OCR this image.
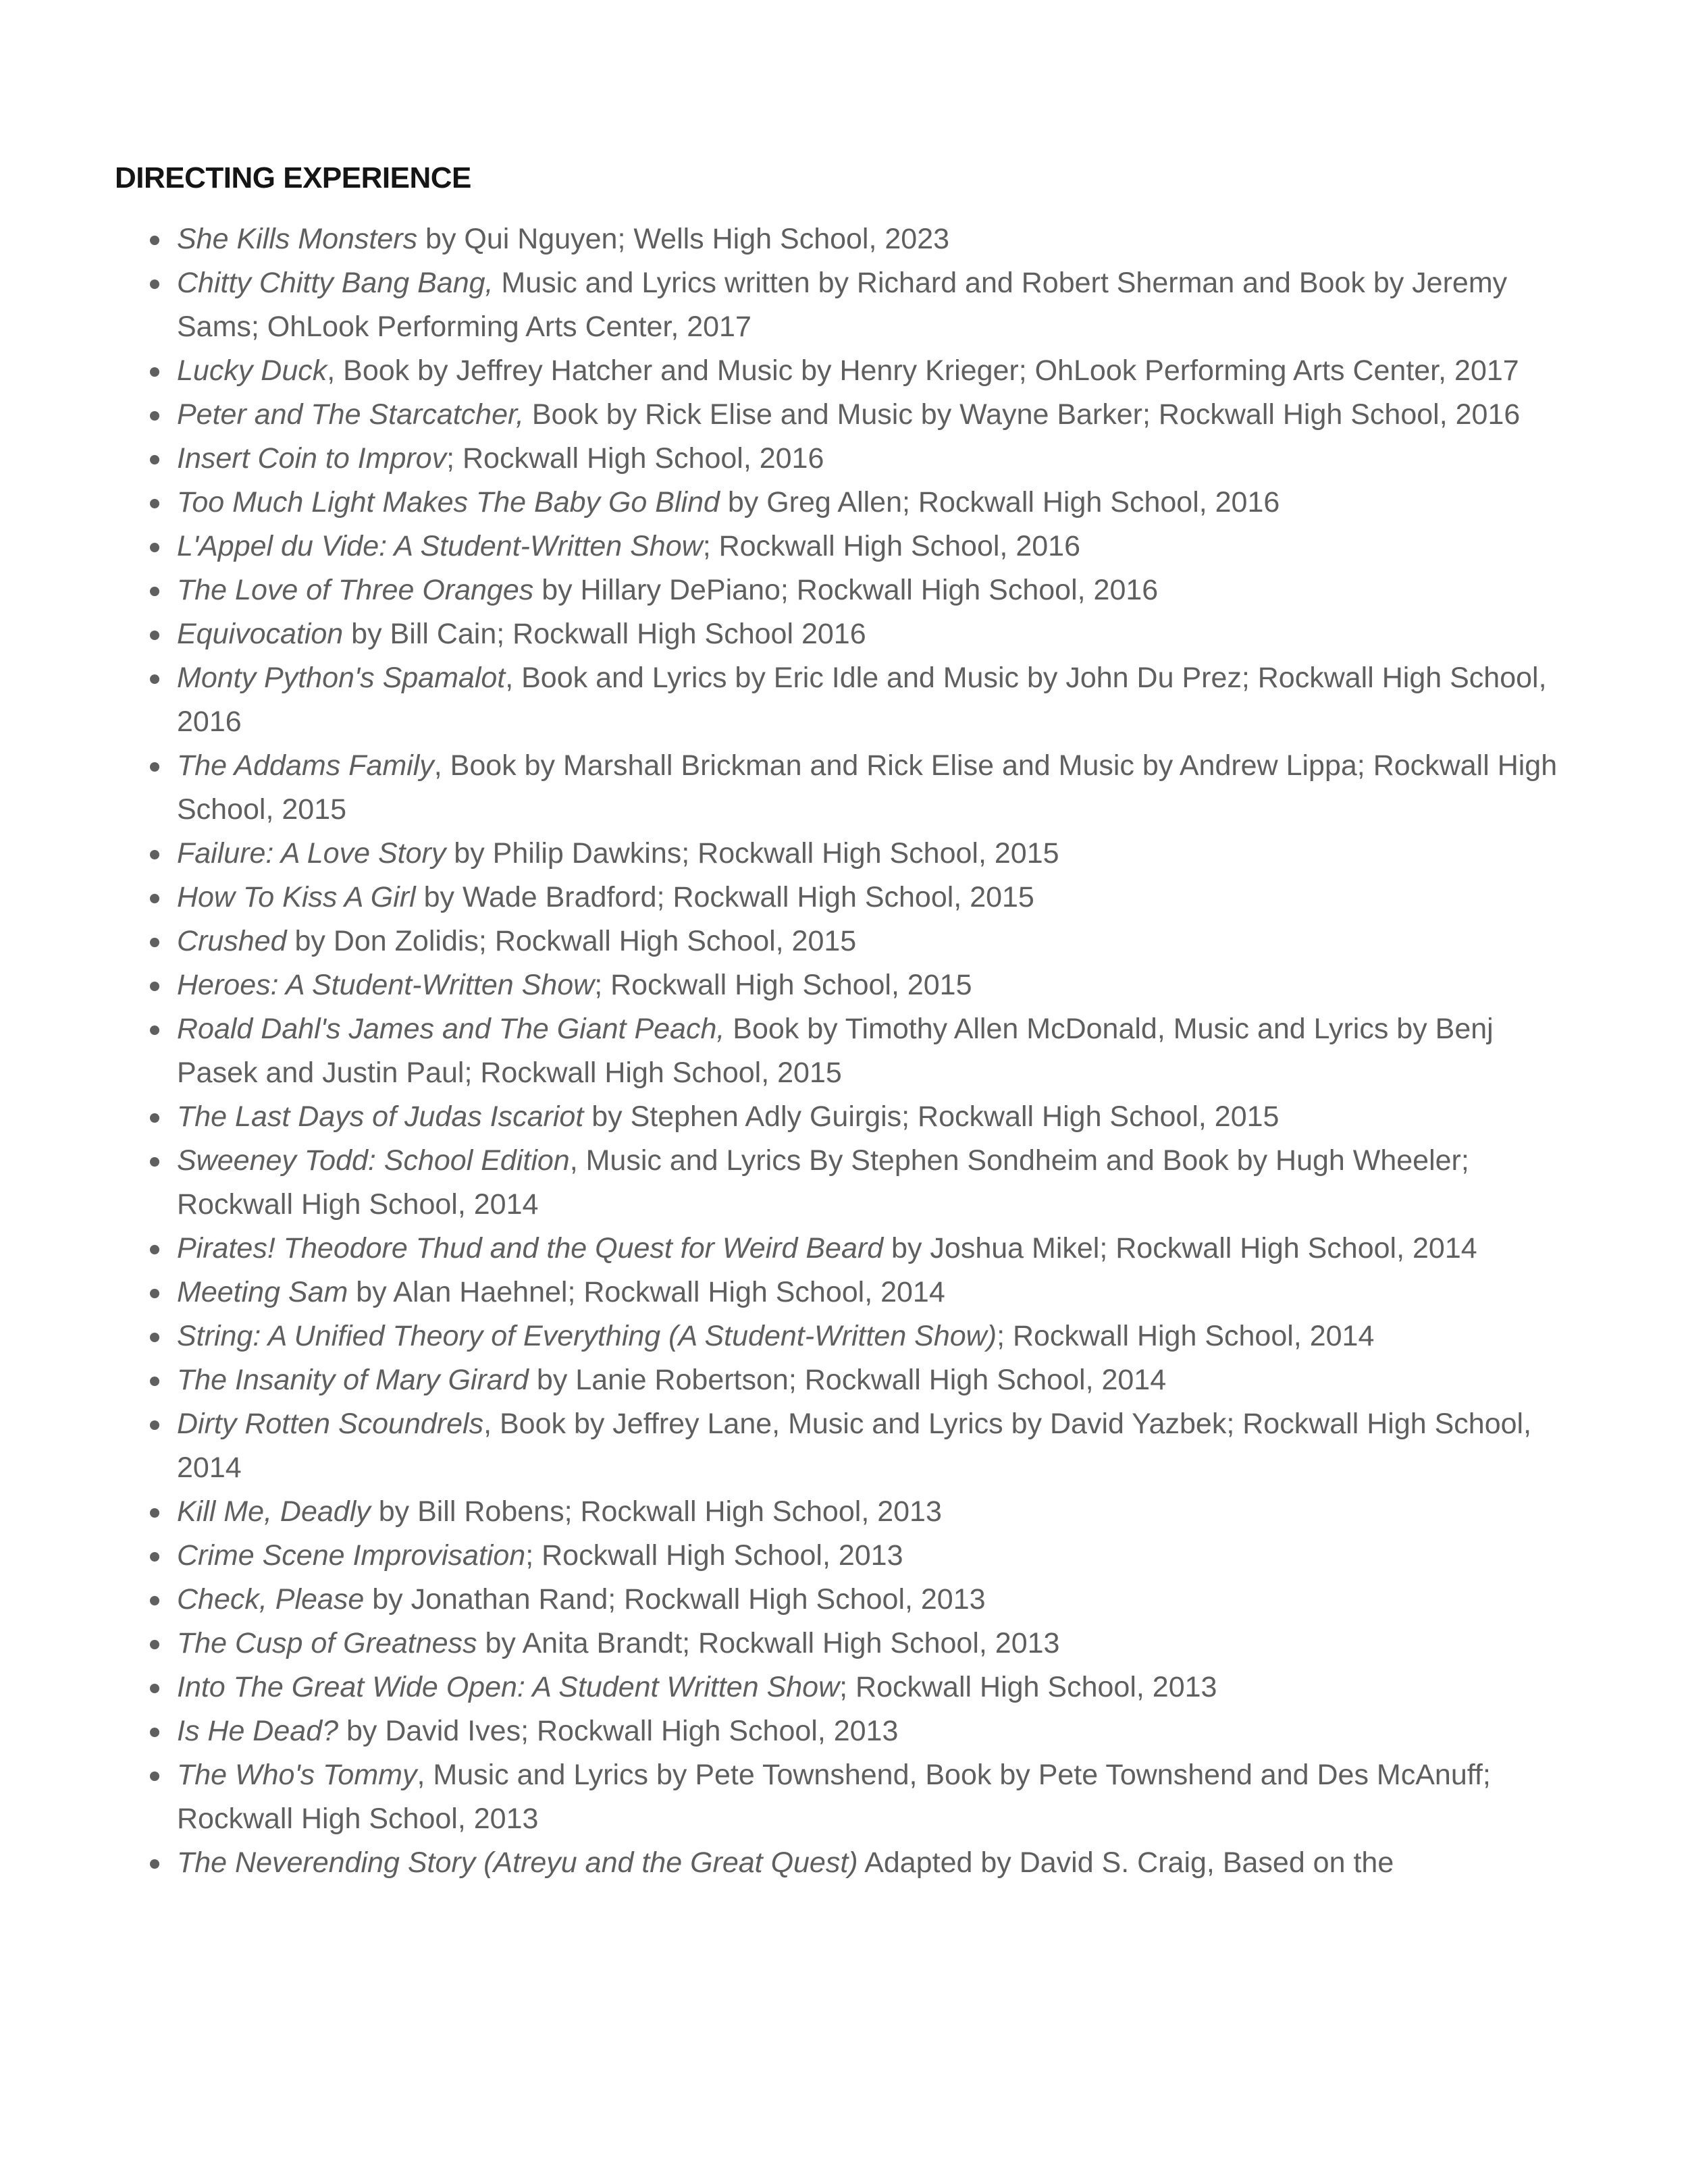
DIRECTING EXPERIENCE
She Kills Monsters by Qui Nguyen; Wells High School, 2023
Chitty Chitty Bang Bang, Music and Lyrics written by Richard and Robert Sherman and Book by Jeremy Sams; OhLook Performing Arts Center, 2017
Lucky Duck, Book by Jeffrey Hatcher and Music by Henry Krieger; OhLook Performing Arts Center, 2017
Peter and The Starcatcher, Book by Rick Elise and Music by Wayne Barker; Rockwall High School, 2016
Insert Coin to Improv; Rockwall High School, 2016
Too Much Light Makes The Baby Go Blind by Greg Allen; Rockwall High School, 2016
L'Appel du Vide: A Student-Written Show; Rockwall High School, 2016
The Love of Three Oranges by Hillary DePiano; Rockwall High School, 2016
Equivocation by Bill Cain; Rockwall High School 2016
Monty Python's Spamalot, Book and Lyrics by Eric Idle and Music by John Du Prez; Rockwall High School, 2016
The Addams Family, Book by Marshall Brickman and Rick Elise and Music by Andrew Lippa; Rockwall High School, 2015
Failure: A Love Story by Philip Dawkins; Rockwall High School, 2015
How To Kiss A Girl by Wade Bradford; Rockwall High School, 2015
Crushed by Don Zolidis; Rockwall High School, 2015
Heroes: A Student-Written Show; Rockwall High School, 2015
Roald Dahl's James and The Giant Peach, Book by Timothy Allen McDonald, Music and Lyrics by Benj Pasek and Justin Paul; Rockwall High School, 2015
The Last Days of Judas Iscariot by Stephen Adly Guirgis; Rockwall High School, 2015
Sweeney Todd: School Edition, Music and Lyrics By Stephen Sondheim and Book by Hugh Wheeler; Rockwall High School, 2014
Pirates! Theodore Thud and the Quest for Weird Beard by Joshua Mikel; Rockwall High School, 2014
Meeting Sam by Alan Haehnel; Rockwall High School, 2014
String: A Unified Theory of Everything (A Student-Written Show); Rockwall High School, 2014
The Insanity of Mary Girard by Lanie Robertson; Rockwall High School, 2014
Dirty Rotten Scoundrels, Book by Jeffrey Lane, Music and Lyrics by David Yazbek; Rockwall High School, 2014
Kill Me, Deadly by Bill Robens; Rockwall High School, 2013
Crime Scene Improvisation; Rockwall High School, 2013
Check, Please by Jonathan Rand; Rockwall High School, 2013
The Cusp of Greatness by Anita Brandt; Rockwall High School, 2013
Into The Great Wide Open: A Student Written Show; Rockwall High School, 2013
Is He Dead? by David Ives; Rockwall High School, 2013
The Who's Tommy, Music and Lyrics by Pete Townshend, Book by Pete Townshend and Des McAnuff; Rockwall High School, 2013
The Neverending Story (Atreyu and the Great Quest) Adapted by David S. Craig, Based on the
